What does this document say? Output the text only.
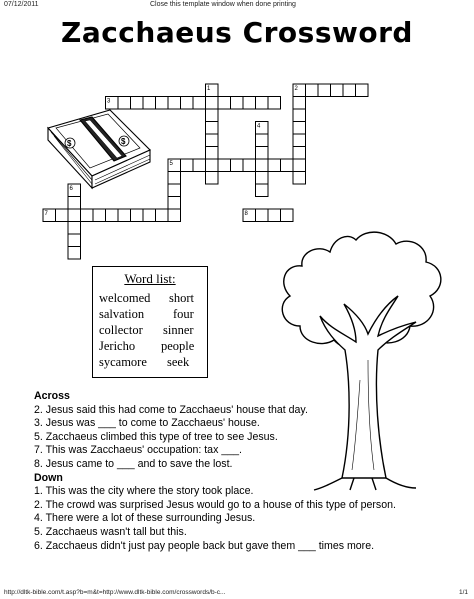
07/12/2011	Close this template window when done printing
Zacchaeus Crossword
1	2
3
4
5
6
7	8
$	$
Word list:
welcomed short
salvation four
collector sinner
Jericho people
sycamore seek
Across
2. Jesus said this had come to Zacchaeus' house that day.
3. Jesus was ___ to come to Zacchaeus' house.
5. Zacchaeus climbed this type of tree to see Jesus.
7. This was Zacchaeus' occupation: tax ___.
8. Jesus came to ___ and to save the lost.
Down
1. This was the city where the story took place.
2. The crowd was surprised Jesus would go to a house of this type of person.
4. There were a lot of these surrounding Jesus.
5. Zacchaeus wasn't tall but this.
6. Zacchaeus didn't just pay people back but gave them ___ times more.
http://dltk-bible.com/t.asp?b=m&t=http://www.dltk-bible.com/crosswords/b-c...	1/1
